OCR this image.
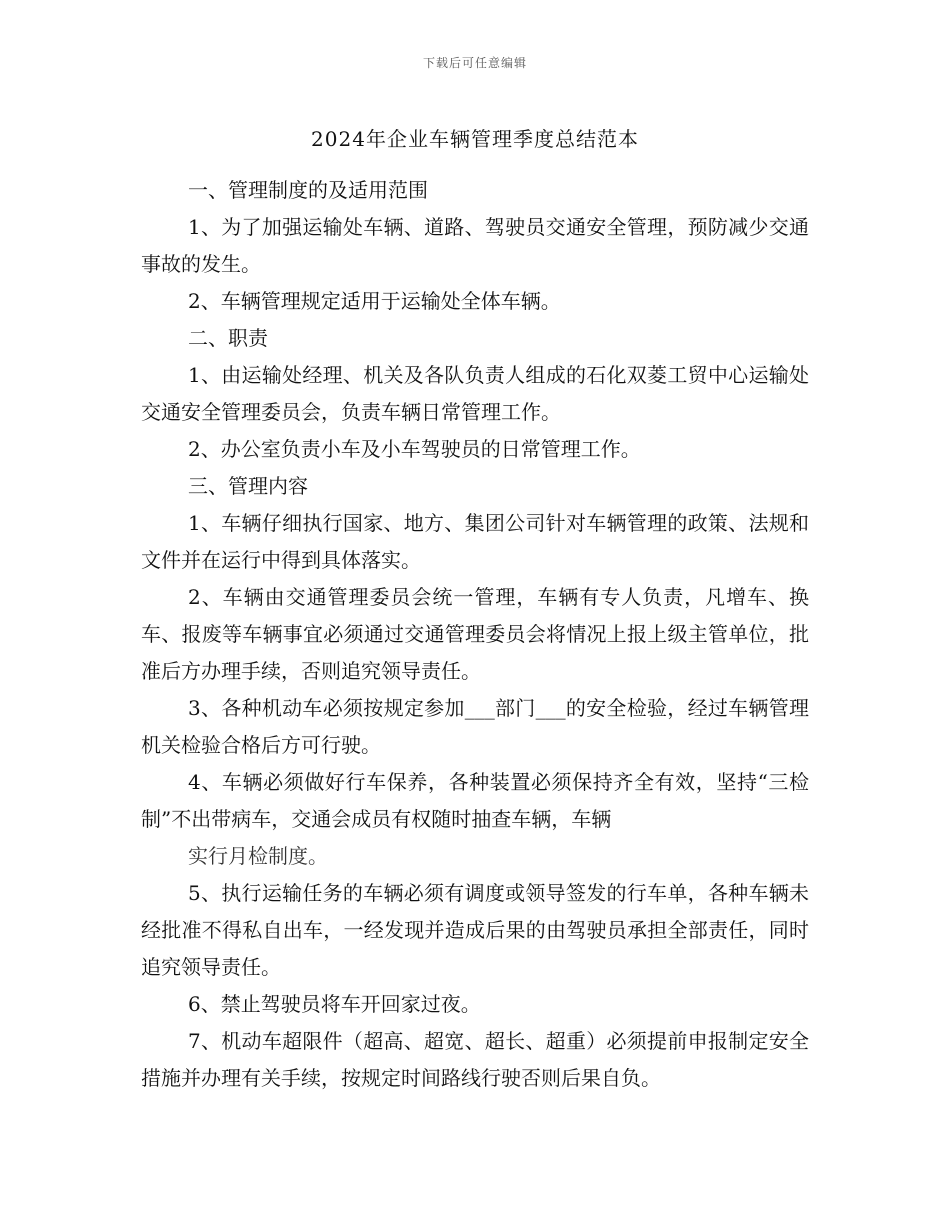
下载后可任意编辑
2024年企业车辆管理季度总结范本

一、管理制度的及适用范围

1、为了加强运输处车辆、道路、驾驶员交通安全管理，预防减少交通事故的发生。

2、车辆管理规定适用于运输处全体车辆。

二、职责

1、由运输处经理、机关及各队负责人组成的石化双菱工贸中心运输处交通安全管理委员会，负责车辆日常管理工作。

2、办公室负责小车及小车驾驶员的日常管理工作。

三、管理内容

1、车辆仔细执行国家、地方、集团公司针对车辆管理的政策、法规和文件并在运行中得到具体落实。

2、车辆由交通管理委员会统一管理，车辆有专人负责，凡增车、换车、报废等车辆事宜必须通过交通管理委员会将情况上报上级主管单位，批准后方办理手续，否则追究领导责任。

3、各种机动车必须按规定参加___部门___的安全检验，经过车辆管理机关检验合格后方可行驶。

4、车辆必须做好行车保养，各种装置必须保持齐全有效，坚持“三检制”不出带病车，交通会成员有权随时抽查车辆，车辆

实行月检制度。

5、执行运输任务的车辆必须有调度或领导签发的行车单，各种车辆未经批准不得私自出车，一经发现并造成后果的由驾驶员承担全部责任，同时追究领导责任。

6、禁止驾驶员将车开回家过夜。

7、机动车超限件（超高、超宽、超长、超重）必须提前申报制定安全措施并办理有关手续，按规定时间路线行驶否则后果自负。
